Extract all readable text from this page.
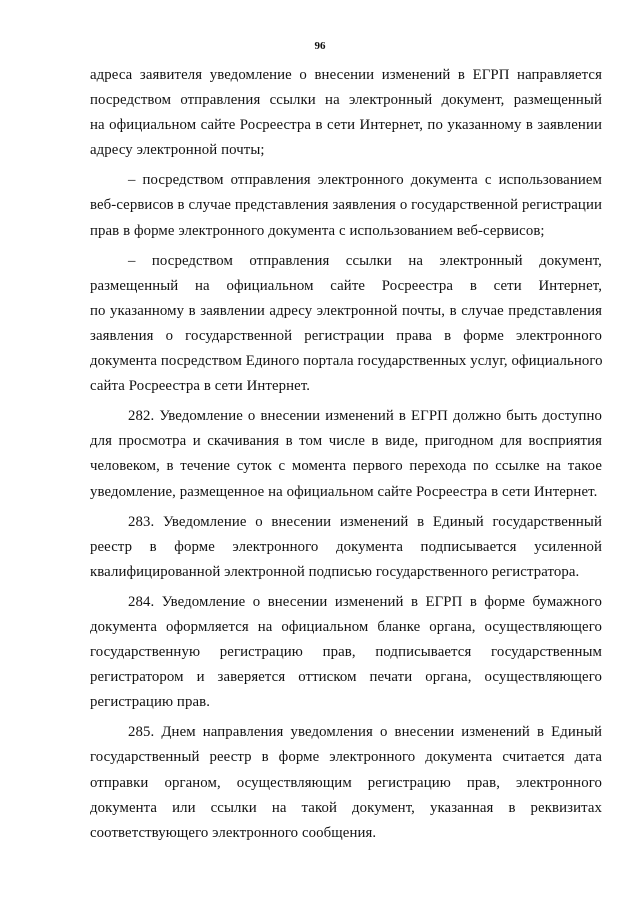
96
адреса заявителя уведомление о внесении изменений в ЕГРП направляется
посредством отправления ссылки на электронный документ, размещенный
на официальном сайте Росреестра в сети Интернет, по указанному в заявлении
адресу электронной почты;
– посредством отправления электронного документа с использованием
веб-сервисов в случае представления заявления о государственной регистрации
прав в форме электронного документа с использованием веб-сервисов;
– посредством отправления ссылки на электронный документ,
размещенный на официальном сайте Росреестра в сети Интернет,
по указанному в заявлении адресу электронной почты, в случае представления
заявления о государственной регистрации права в форме электронного
документа посредством Единого портала государственных услуг, официального
сайта Росреестра в сети Интернет.
282. Уведомление о внесении изменений в ЕГРП должно быть доступно
для просмотра и скачивания в том числе в виде, пригодном для восприятия
человеком, в течение суток с момента первого перехода по ссылке на такое
уведомление, размещенное на официальном сайте Росреестра в сети Интернет.
283. Уведомление о внесении изменений в Единый государственный
реестр в форме электронного документа подписывается усиленной
квалифицированной электронной подписью государственного регистратора.
284. Уведомление о внесении изменений в ЕГРП в форме бумажного
документа оформляется на официальном бланке органа, осуществляющего
государственную регистрацию прав, подписывается государственным
регистратором и заверяется оттиском печати органа, осуществляющего
регистрацию прав.
285. Днем направления уведомления о внесении изменений в Единый
государственный реестр в форме электронного документа считается дата
отправки органом, осуществляющим регистрацию прав, электронного
документа или ссылки на такой документ, указанная в реквизитах
соответствующего электронного сообщения.
